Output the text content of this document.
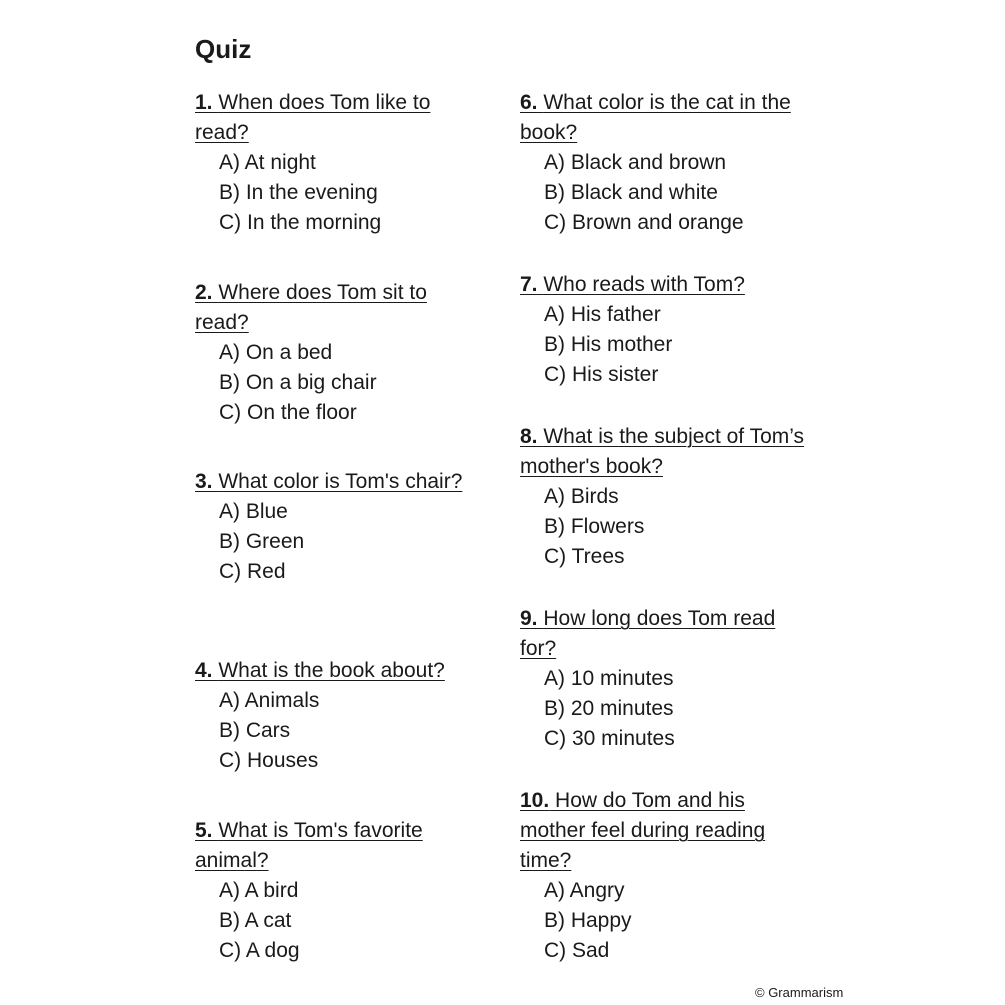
Quiz
1. When does Tom like to read?
A) At night
B) In the evening
C) In the morning
2. Where does Tom sit to read?
A) On a bed
B) On a big chair
C) On the floor
3. What color is Tom's chair?
A) Blue
B) Green
C) Red
4. What is the book about?
A) Animals
B) Cars
C) Houses
5. What is Tom's favorite animal?
A) A bird
B) A cat
C) A dog
6. What color is the cat in the book?
A) Black and brown
B) Black and white
C) Brown and orange
7. Who reads with Tom?
A) His father
B) His mother
C) His sister
8. What is the subject of Tom’s mother's book?
A) Birds
B) Flowers
C) Trees
9. How long does Tom read for?
A) 10 minutes
B) 20 minutes
C) 30 minutes
10. How do Tom and his mother feel during reading time?
A) Angry
B) Happy
C) Sad
© Grammarism
